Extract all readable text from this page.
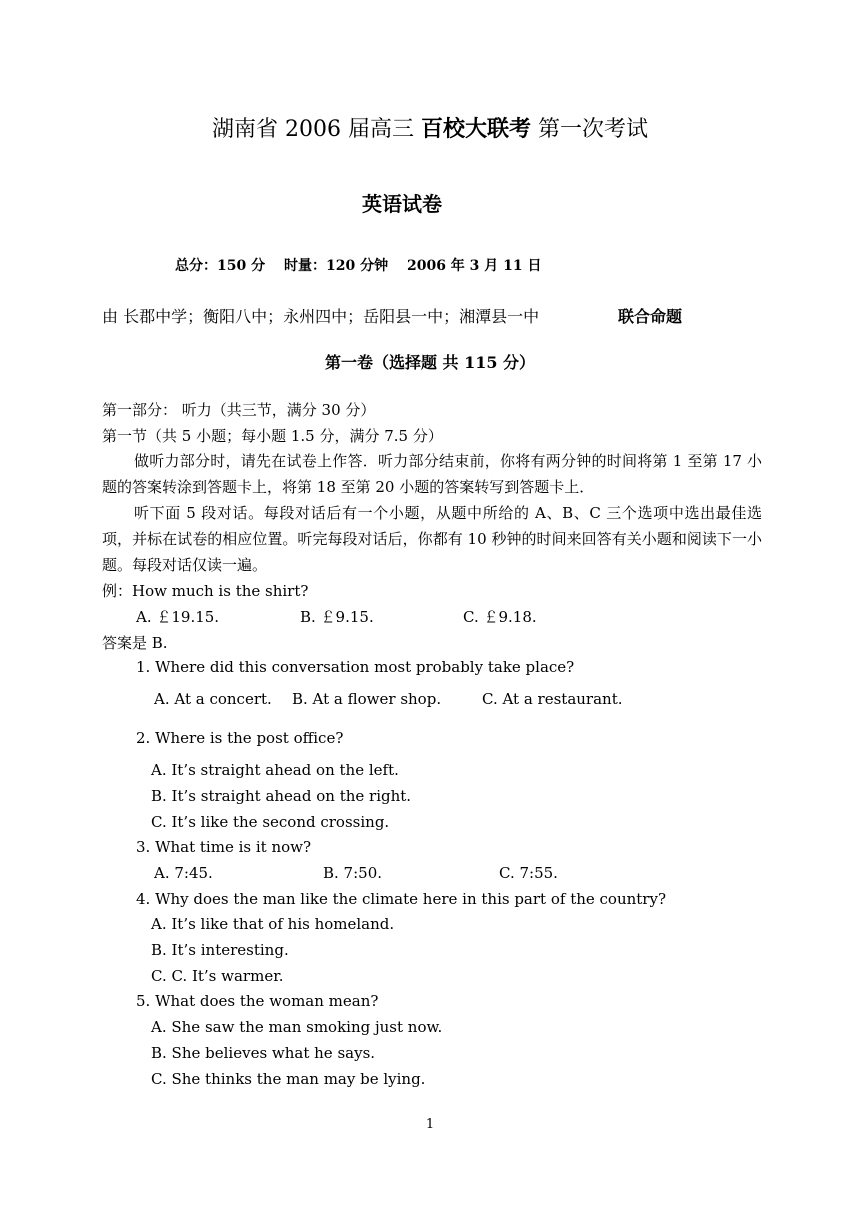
湖南省 2006 届高三 百校大联考 第一次考试
英语试卷
总分：150 分 时量：120 分钟 2006 年 3 月 11 日
由 长郡中学；衡阳八中；永州四中；岳阳县一中；湘潭县一中	联合命题
第一卷（选择题 共 115 分）
第一部分： 听力（共三节，满分 30 分）
第一节（共 5 小题；每小题 1.5 分，满分 7.5 分）
做听力部分时，请先在试卷上作答．听力部分结束前，你将有两分钟的时间将第 1 至第 17 小题的答案转涂到答题卡上，将第 18 至第 20 小题的答案转写到答题卡上．
听下面 5 段对话。每段对话后有一个小题，从题中所给的 A、B、C 三个选项中选出最佳选项，并标在试卷的相应位置。听完每段对话后，你都有 10 秒钟的时间来回答有关小题和阅读下一小题。每段对话仅读一遍。
例：How much is the shirt?
A. ￡19.15.	B. ￡9.15.	C. ￡9.18.
答案是 B.
1. Where did this conversation most probably take place?
A. At a concert. B. At a flower shop.	C. At a restaurant.
2. Where is the post office?
A. It’s straight ahead on the left.
B. It’s straight ahead on the right.
C. It’s like the second crossing.
3. What time is it now?
A. 7:45.	B. 7:50.	C. 7:55.
4. Why does the man like the climate here in this part of the country?
A. It’s like that of his homeland.
B. It’s interesting.
C. C. It’s warmer.
5. What does the woman mean?
A. She saw the man smoking just now.
B. She believes what he says.
C. She thinks the man may be lying.
1
